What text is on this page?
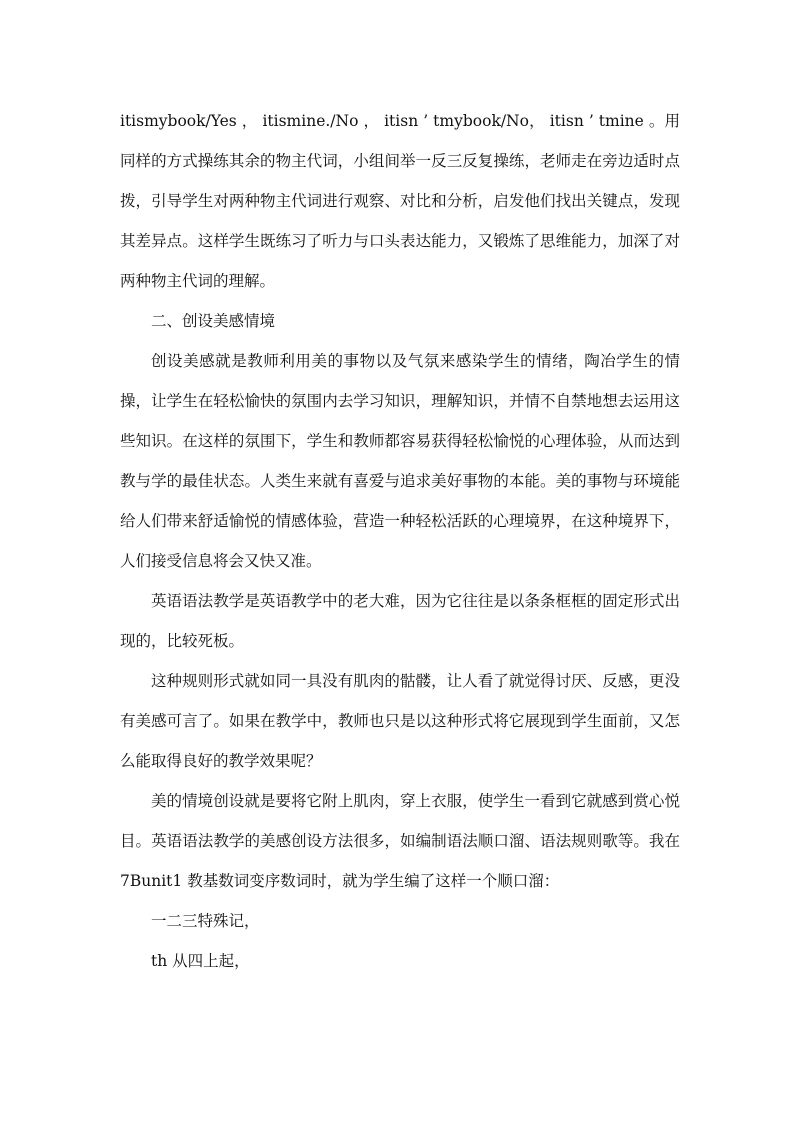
itismybook/Yes ， itismine./No ， itisn ’ tmybook/No， itisn ’ tmine 。用同样的方式操练其余的物主代词，小组间举一反三反复操练，老师走在旁边适时点拨，引导学生对两种物主代词进行观察、对比和分析，启发他们找出关键点，发现其差异点。这样学生既练习了听力与口头表达能力，又锻炼了思维能力，加深了对两种物主代词的理解。

二、创设美感情境

创设美感就是教师利用美的事物以及气氛来感染学生的情绪，陶冶学生的情操，让学生在轻松愉快的氛围内去学习知识，理解知识，并情不自禁地想去运用这些知识。在这样的氛围下，学生和教师都容易获得轻松愉悦的心理体验，从而达到教与学的最佳状态。人类生来就有喜爱与追求美好事物的本能。美的事物与环境能给人们带来舒适愉悦的情感体验，营造一种轻松活跃的心理境界，在这种境界下，人们接受信息将会又快又准。

英语语法教学是英语教学中的老大难，因为它往往是以条条框框的固定形式出现的，比较死板。

这种规则形式就如同一具没有肌肉的骷髅，让人看了就觉得讨厌、反感，更没有美感可言了。如果在教学中，教师也只是以这种形式将它展现到学生面前，又怎么能取得良好的教学效果呢？

美的情境创设就是要将它附上肌肉，穿上衣服，使学生一看到它就感到赏心悦目。英语语法教学的美感创设方法很多，如编制语法顺口溜、语法规则歌等。我在 7Bunit1 教基数词变序数词时，就为学生编了这样一个顺口溜：

一二三特殊记，

th 从四上起，
